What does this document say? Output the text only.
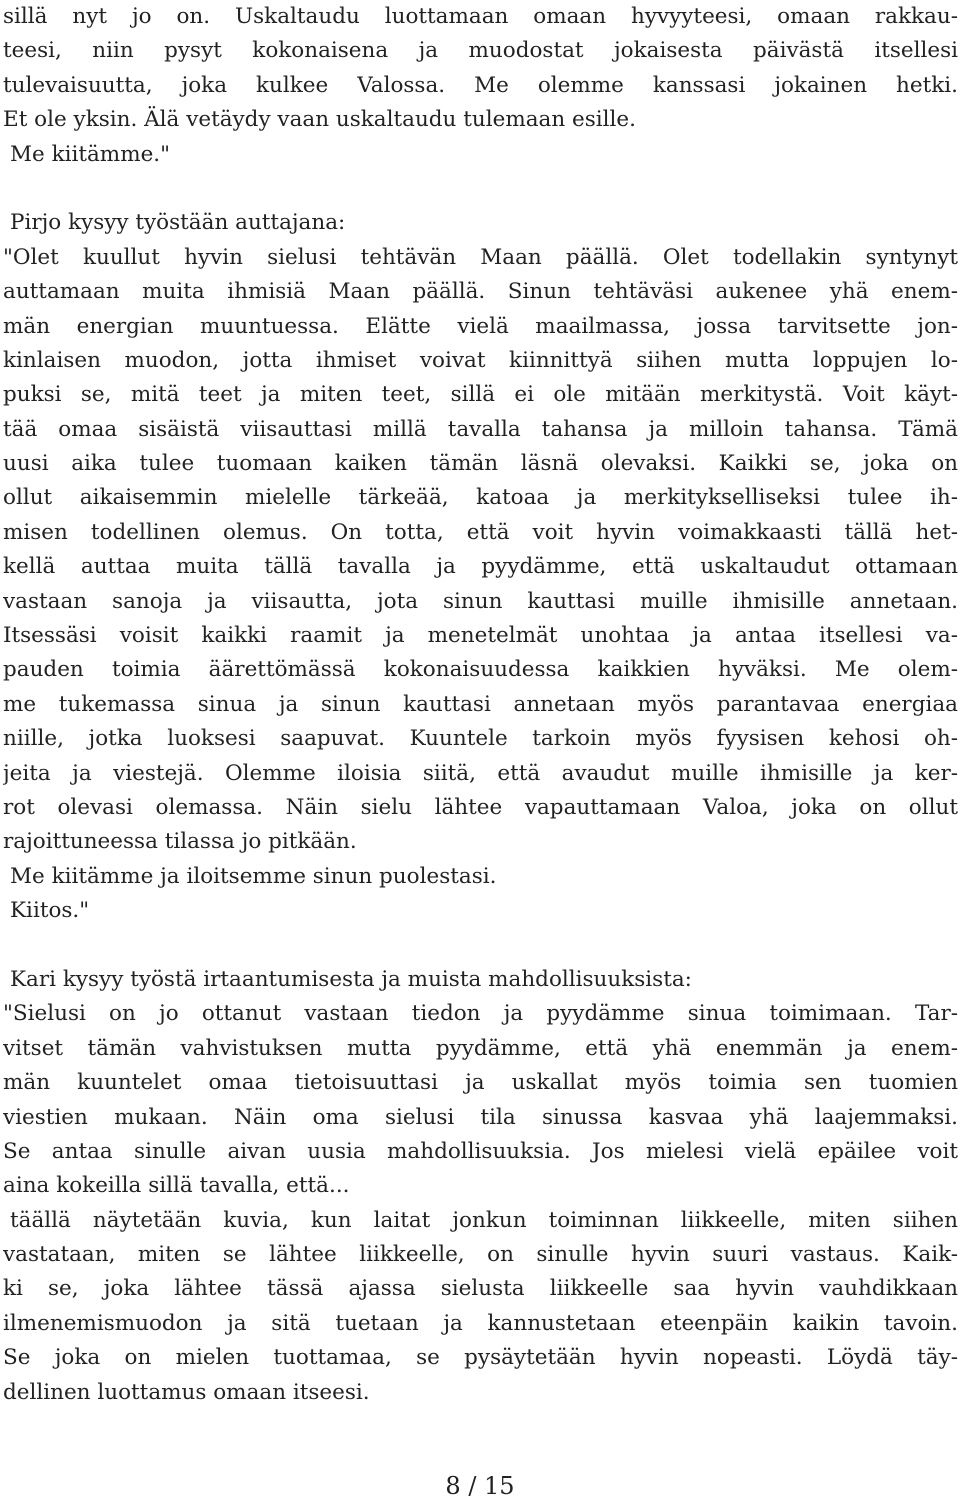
sillä nyt jo on. Uskaltaudu luottamaan omaan hyvyyteesi, omaan rakkau-
teesi, niin pysyt kokonaisena ja muodostat jokaisesta päivästä itsellesi
tulevaisuutta, joka kulkee Valossa. Me olemme kanssasi jokainen hetki.
Et ole yksin. Älä vetäydy vaan uskaltaudu tulemaan esille.
Me kiitämme."
Pirjo kysyy työstään auttajana:
"Olet kuullut hyvin sielusi tehtävän Maan päällä. Olet todellakin syntynyt
auttamaan muita ihmisiä Maan päällä. Sinun tehtäväsi aukenee yhä enem-
män energian muuntuessa. Elätte vielä maailmassa, jossa tarvitsette jon-
kinlaisen muodon, jotta ihmiset voivat kiinnittyä siihen mutta loppujen lo-
puksi se, mitä teet ja miten teet, sillä ei ole mitään merkitystä. Voit käyt-
tää omaa sisäistä viisauttasi millä tavalla tahansa ja milloin tahansa. Tämä
uusi aika tulee tuomaan kaiken tämän läsnä olevaksi. Kaikki se, joka on
ollut aikaisemmin mielelle tärkeää, katoaa ja merkitykselliseksi tulee ih-
misen todellinen olemus. On totta, että voit hyvin voimakkaasti tällä het-
kellä auttaa muita tällä tavalla ja pyydämme, että uskaltaudut ottamaan
vastaan sanoja ja viisautta, jota sinun kauttasi muille ihmisille annetaan.
Itsessäsi voisit kaikki raamit ja menetelmät unohtaa ja antaa itsellesi va-
pauden toimia äärettömässä kokonaisuudessa kaikkien hyväksi. Me olem-
me tukemassa sinua ja sinun kauttasi annetaan myös parantavaa energiaa
niille, jotka luoksesi saapuvat. Kuuntele tarkoin myös fyysisen kehosi oh-
jeita ja viestejä. Olemme iloisia siitä, että avaudut muille ihmisille ja ker-
rot olevasi olemassa. Näin sielu lähtee vapauttamaan Valoa, joka on ollut
rajoittuneessa tilassa jo pitkään.
Me kiitämme ja iloitsemme sinun puolestasi.
Kiitos."
Kari kysyy työstä irtaantumisesta ja muista mahdollisuuksista:
"Sielusi on jo ottanut vastaan tiedon ja pyydämme sinua toimimaan. Tar-
vitset tämän vahvistuksen mutta pyydämme, että yhä enemmän ja enem-
män kuuntelet omaa tietoisuuttasi ja uskallat myös toimia sen tuomien
viestien mukaan. Näin oma sielusi tila sinussa kasvaa yhä laajemmaksi.
Se antaa sinulle aivan uusia mahdollisuuksia. Jos mielesi vielä epäilee voit
aina kokeilla sillä tavalla, että...
täällä näytetään kuvia, kun laitat jonkun toiminnan liikkeelle, miten siihen
vastataan, miten se lähtee liikkeelle, on sinulle hyvin suuri vastaus. Kaik-
ki se, joka lähtee tässä ajassa sielusta liikkeelle saa hyvin vauhdikkaan
ilmenemismuodon ja sitä tuetaan ja kannustetaan eteenpäin kaikin tavoin.
Se joka on mielen tuottamaa, se pysäytetään hyvin nopeasti. Löydä täy-
dellinen luottamus omaan itseesi.
8 / 15
